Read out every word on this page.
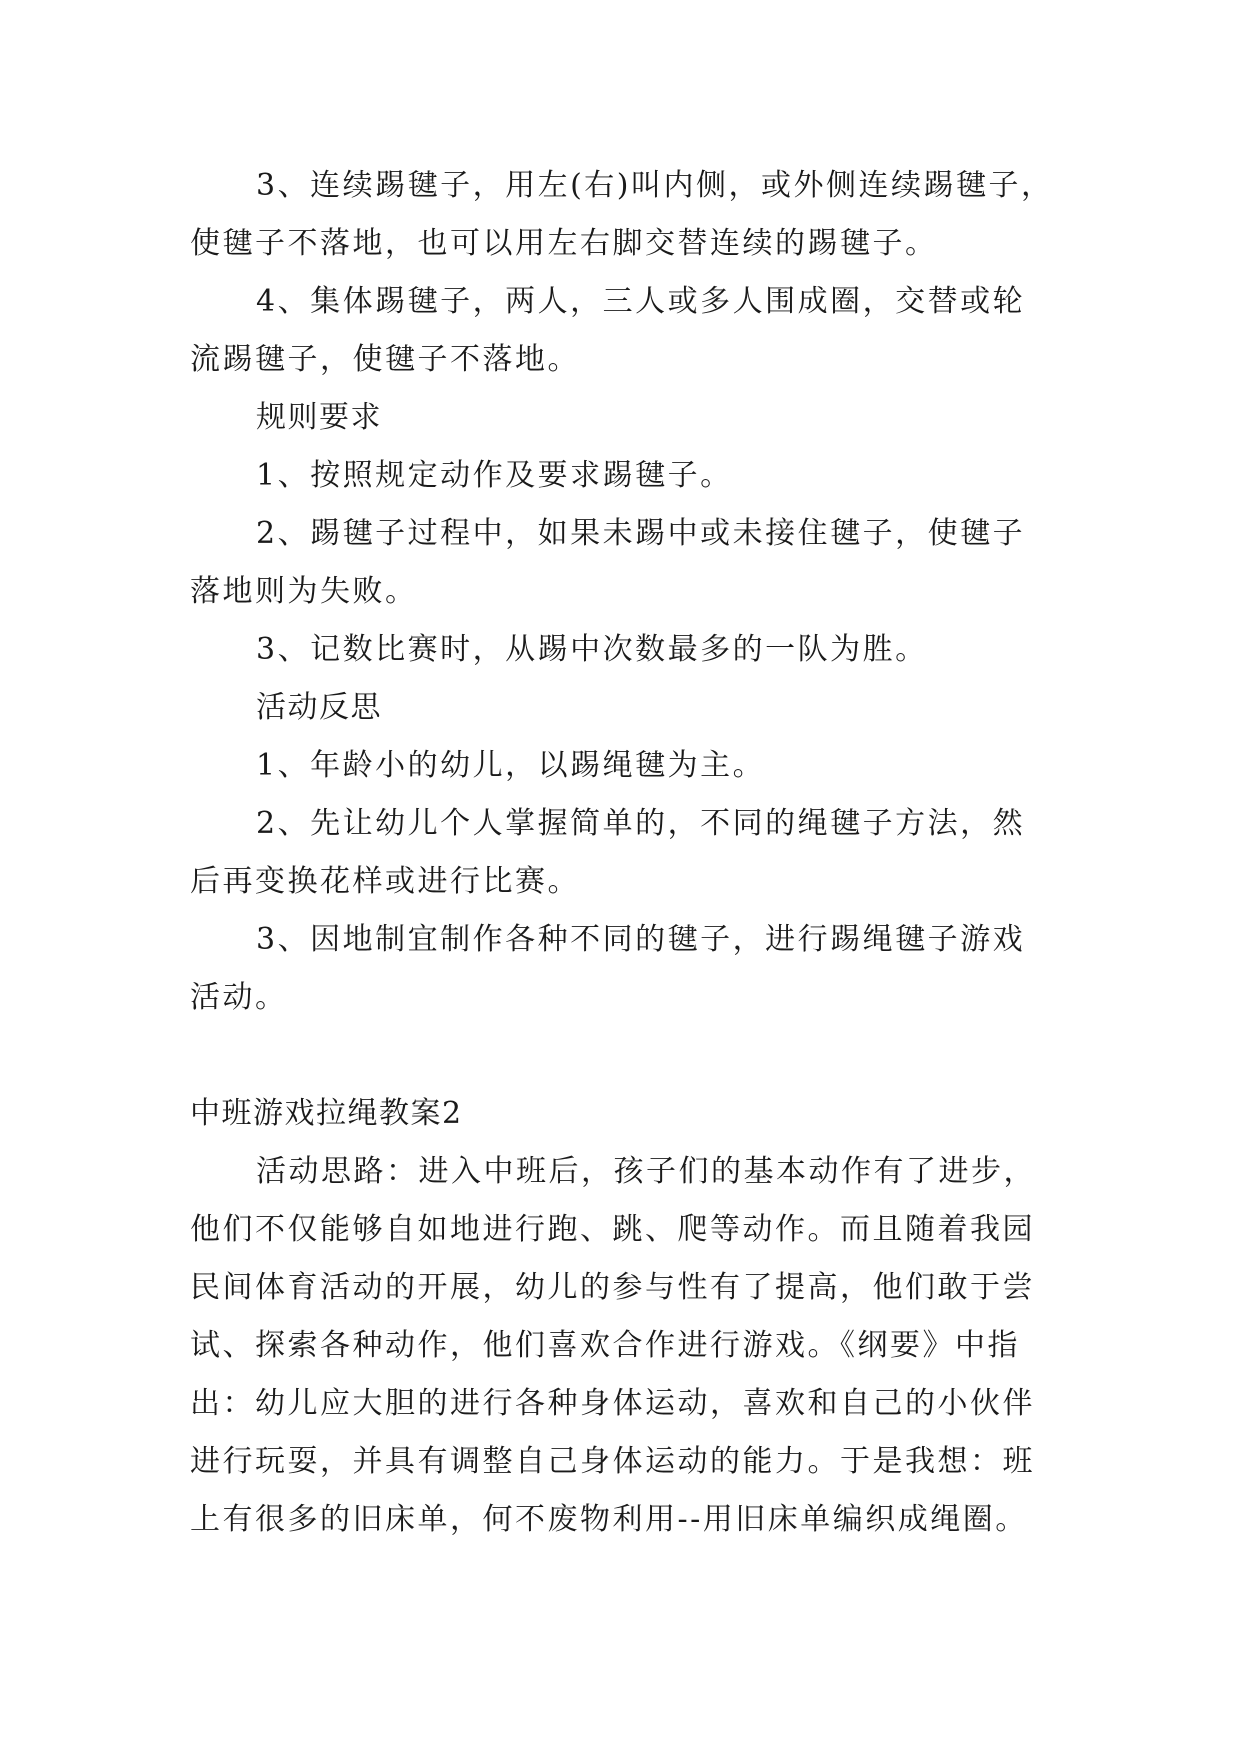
3、连续踢毽子，用左(右)叫内侧，或外侧连续踢毽子，
使毽子不落地，也可以用左右脚交替连续的踢毽子。
4、集体踢毽子，两人，三人或多人围成圈，交替或轮
流踢毽子，使毽子不落地。
规则要求
1、按照规定动作及要求踢毽子。
2、踢毽子过程中，如果未踢中或未接住毽子，使毽子
落地则为失败。
3、记数比赛时，从踢中次数最多的一队为胜。
活动反思
1、年龄小的幼儿，以踢绳毽为主。
2、先让幼儿个人掌握简单的，不同的绳毽子方法，然
后再变换花样或进行比赛。
3、因地制宜制作各种不同的毽子，进行踢绳毽子游戏
活动。
中班游戏拉绳教案2
活动思路：进入中班后，孩子们的基本动作有了进步，
他们不仅能够自如地进行跑、跳、爬等动作。而且随着我园
民间体育活动的开展，幼儿的参与性有了提高，他们敢于尝
试、探索各种动作，他们喜欢合作进行游戏。《纲要》中指
出：幼儿应大胆的进行各种身体运动，喜欢和自己的小伙伴
进行玩耍，并具有调整自己身体运动的能力。于是我想：班
上有很多的旧床单，何不废物利用--用旧床单编织成绳圈。
